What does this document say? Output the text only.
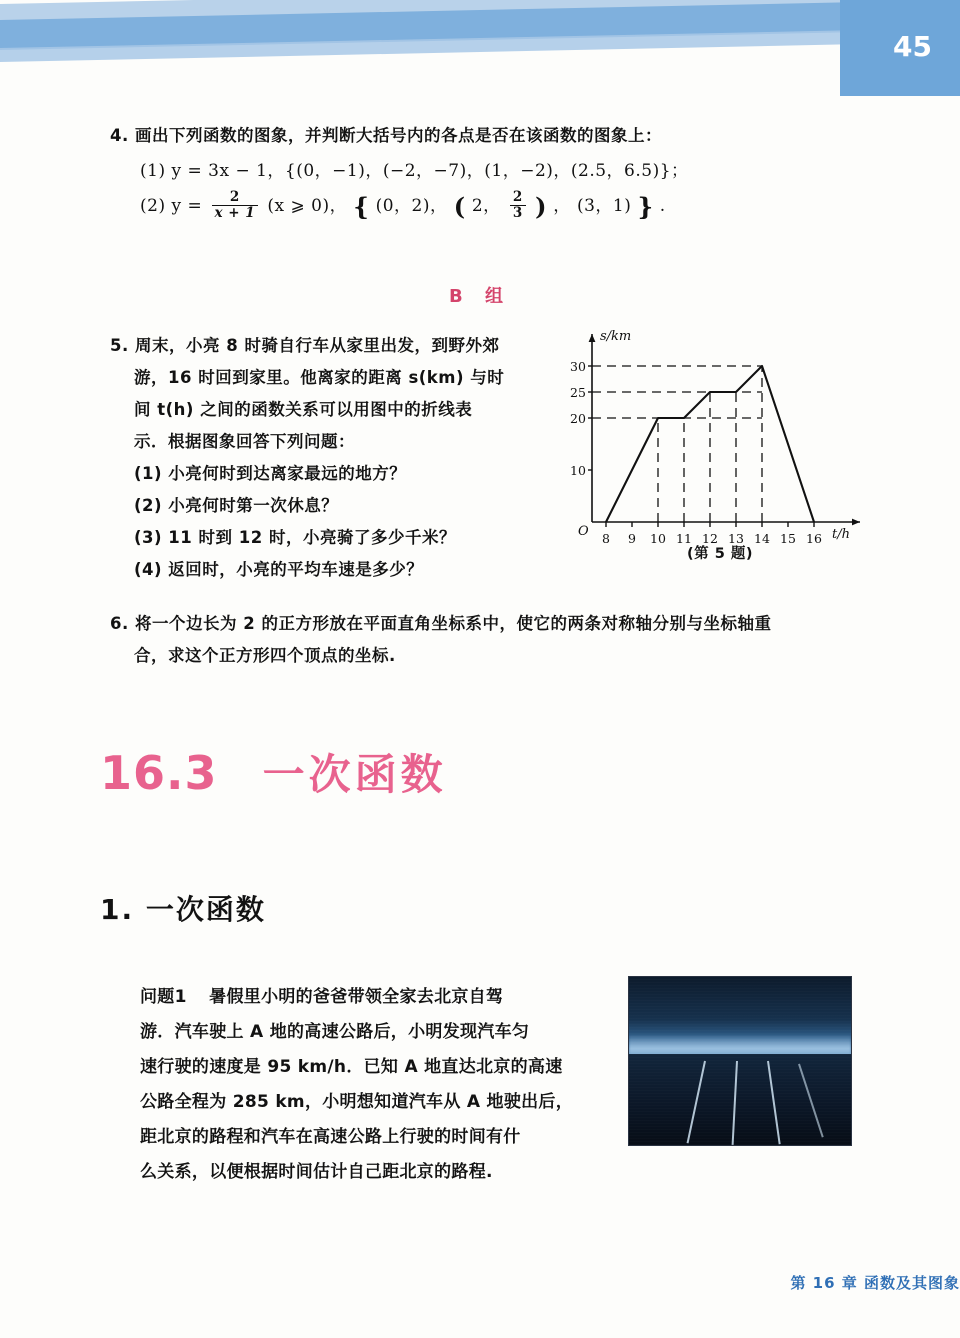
45
4. 画出下列函数的图象，并判断大括号内的各点是否在该函数的图象上：
(1) y = 3x − 1，{(0，−1)，(−2，−7)，(1，−2)，(2.5，6.5)}；
(2) $y = \frac{2}{x + 1} (x$ ⩾ 0)， { (0，2)， ( 2， $\frac{2}{3}$ ) ， (3，1) } .
B 组
5. 周末，小亮 8 时骑自行车从家里出发，到野外郊
游，16 时回到家里。他离家的距离 s(km) 与时
间 t(h) 之间的函数关系可以用图中的折线表
示．根据图象回答下列问题：
(1) 小亮何时到达离家最远的地方？
(2) 小亮何时第一次休息？
(3) 11 时到 12 时，小亮骑了多少千米？
(4) 返回时，小亮的平均车速是多少？
s/km
t/h
O
10
20
25
30
8 9 10 11 12 13 14 15 16
(第 5 题)
6. 将一个边长为 2 的正方形放在平面直角坐标系中，使它的两条对称轴分别与坐标轴重
合，求这个正方形四个顶点的坐标.
16.3 一次函数
1. 一次函数
问题1 暑假里小明的爸爸带领全家去北京自驾
游．汽车驶上 A 地的高速公路后，小明发现汽车匀
速行驶的速度是 95 km/h．已知 A 地直达北京的高速
公路全程为 285 km，小明想知道汽车从 A 地驶出后，
距北京的路程和汽车在高速公路上行驶的时间有什
么关系，以便根据时间估计自己距北京的路程.
第 16 章 函数及其图象
